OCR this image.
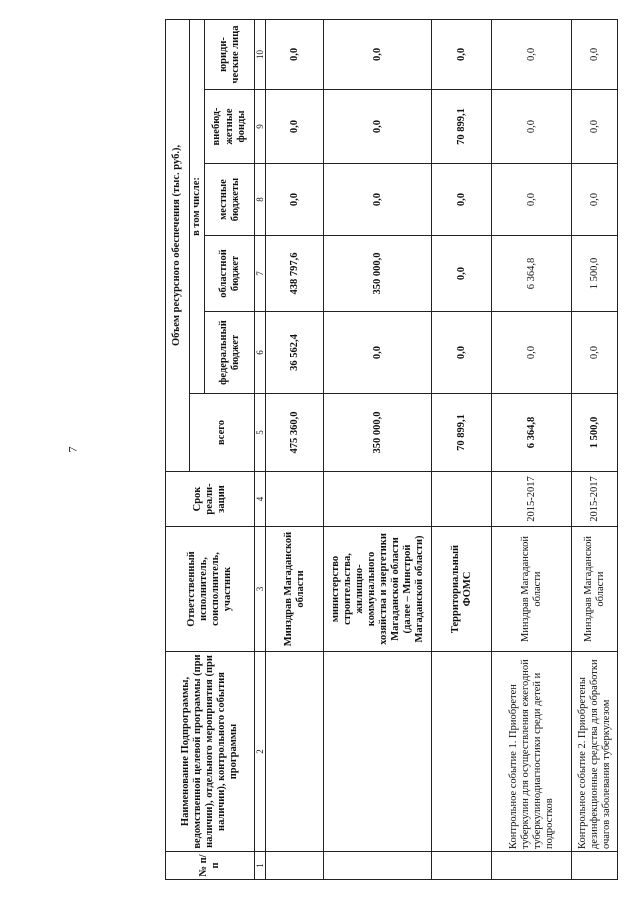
7
№ п/п	Наименование Подпрограммы, ведомственной целевой программы (при наличии), отдельного мероприятия (при наличии), контрольного события программы	Ответственный исполнитель, соисполнитель, участник	Срок реали- зации	Объем ресурсного обеспечения (тыс. руб.),					
				всего	в том числе:				
					федеральный бюджет	областной бюджет	местные бюджеты	внебюд- жетные фонды	юриди- ческие лица
1	2	3	4	5	6	7	8	9	10
		Минздрав Магаданской области		475 360,0	36 562,4	438 797,6	0,0	0,0	0,0
		министерство строительства, жилищно- коммунального хозяйства и энергетики Магаданской области (далее – Минстрой Магаданской области)		350 000,0	0,0	350 000,0	0,0	0,0	0,0
		Территориальный ФОМС		70 899,1	0,0	0,0	0,0	70 899,1	0,0
	Контрольное событие 1. Приобретен туберкулин для осуществления ежегодной туберкулинодиагностики среди детей и подростков	Минздрав Магаданской области	2015-2017	6 364,8	0,0	6 364,8	0,0	0,0	0,0
	Контрольное событие 2. Приобретены дезинфекционные средства для обработки очагов заболевания туберкулезом	Минздрав Магаданской области	2015-2017	1 500,0	0,0	1 500,0	0,0	0,0	0,0
